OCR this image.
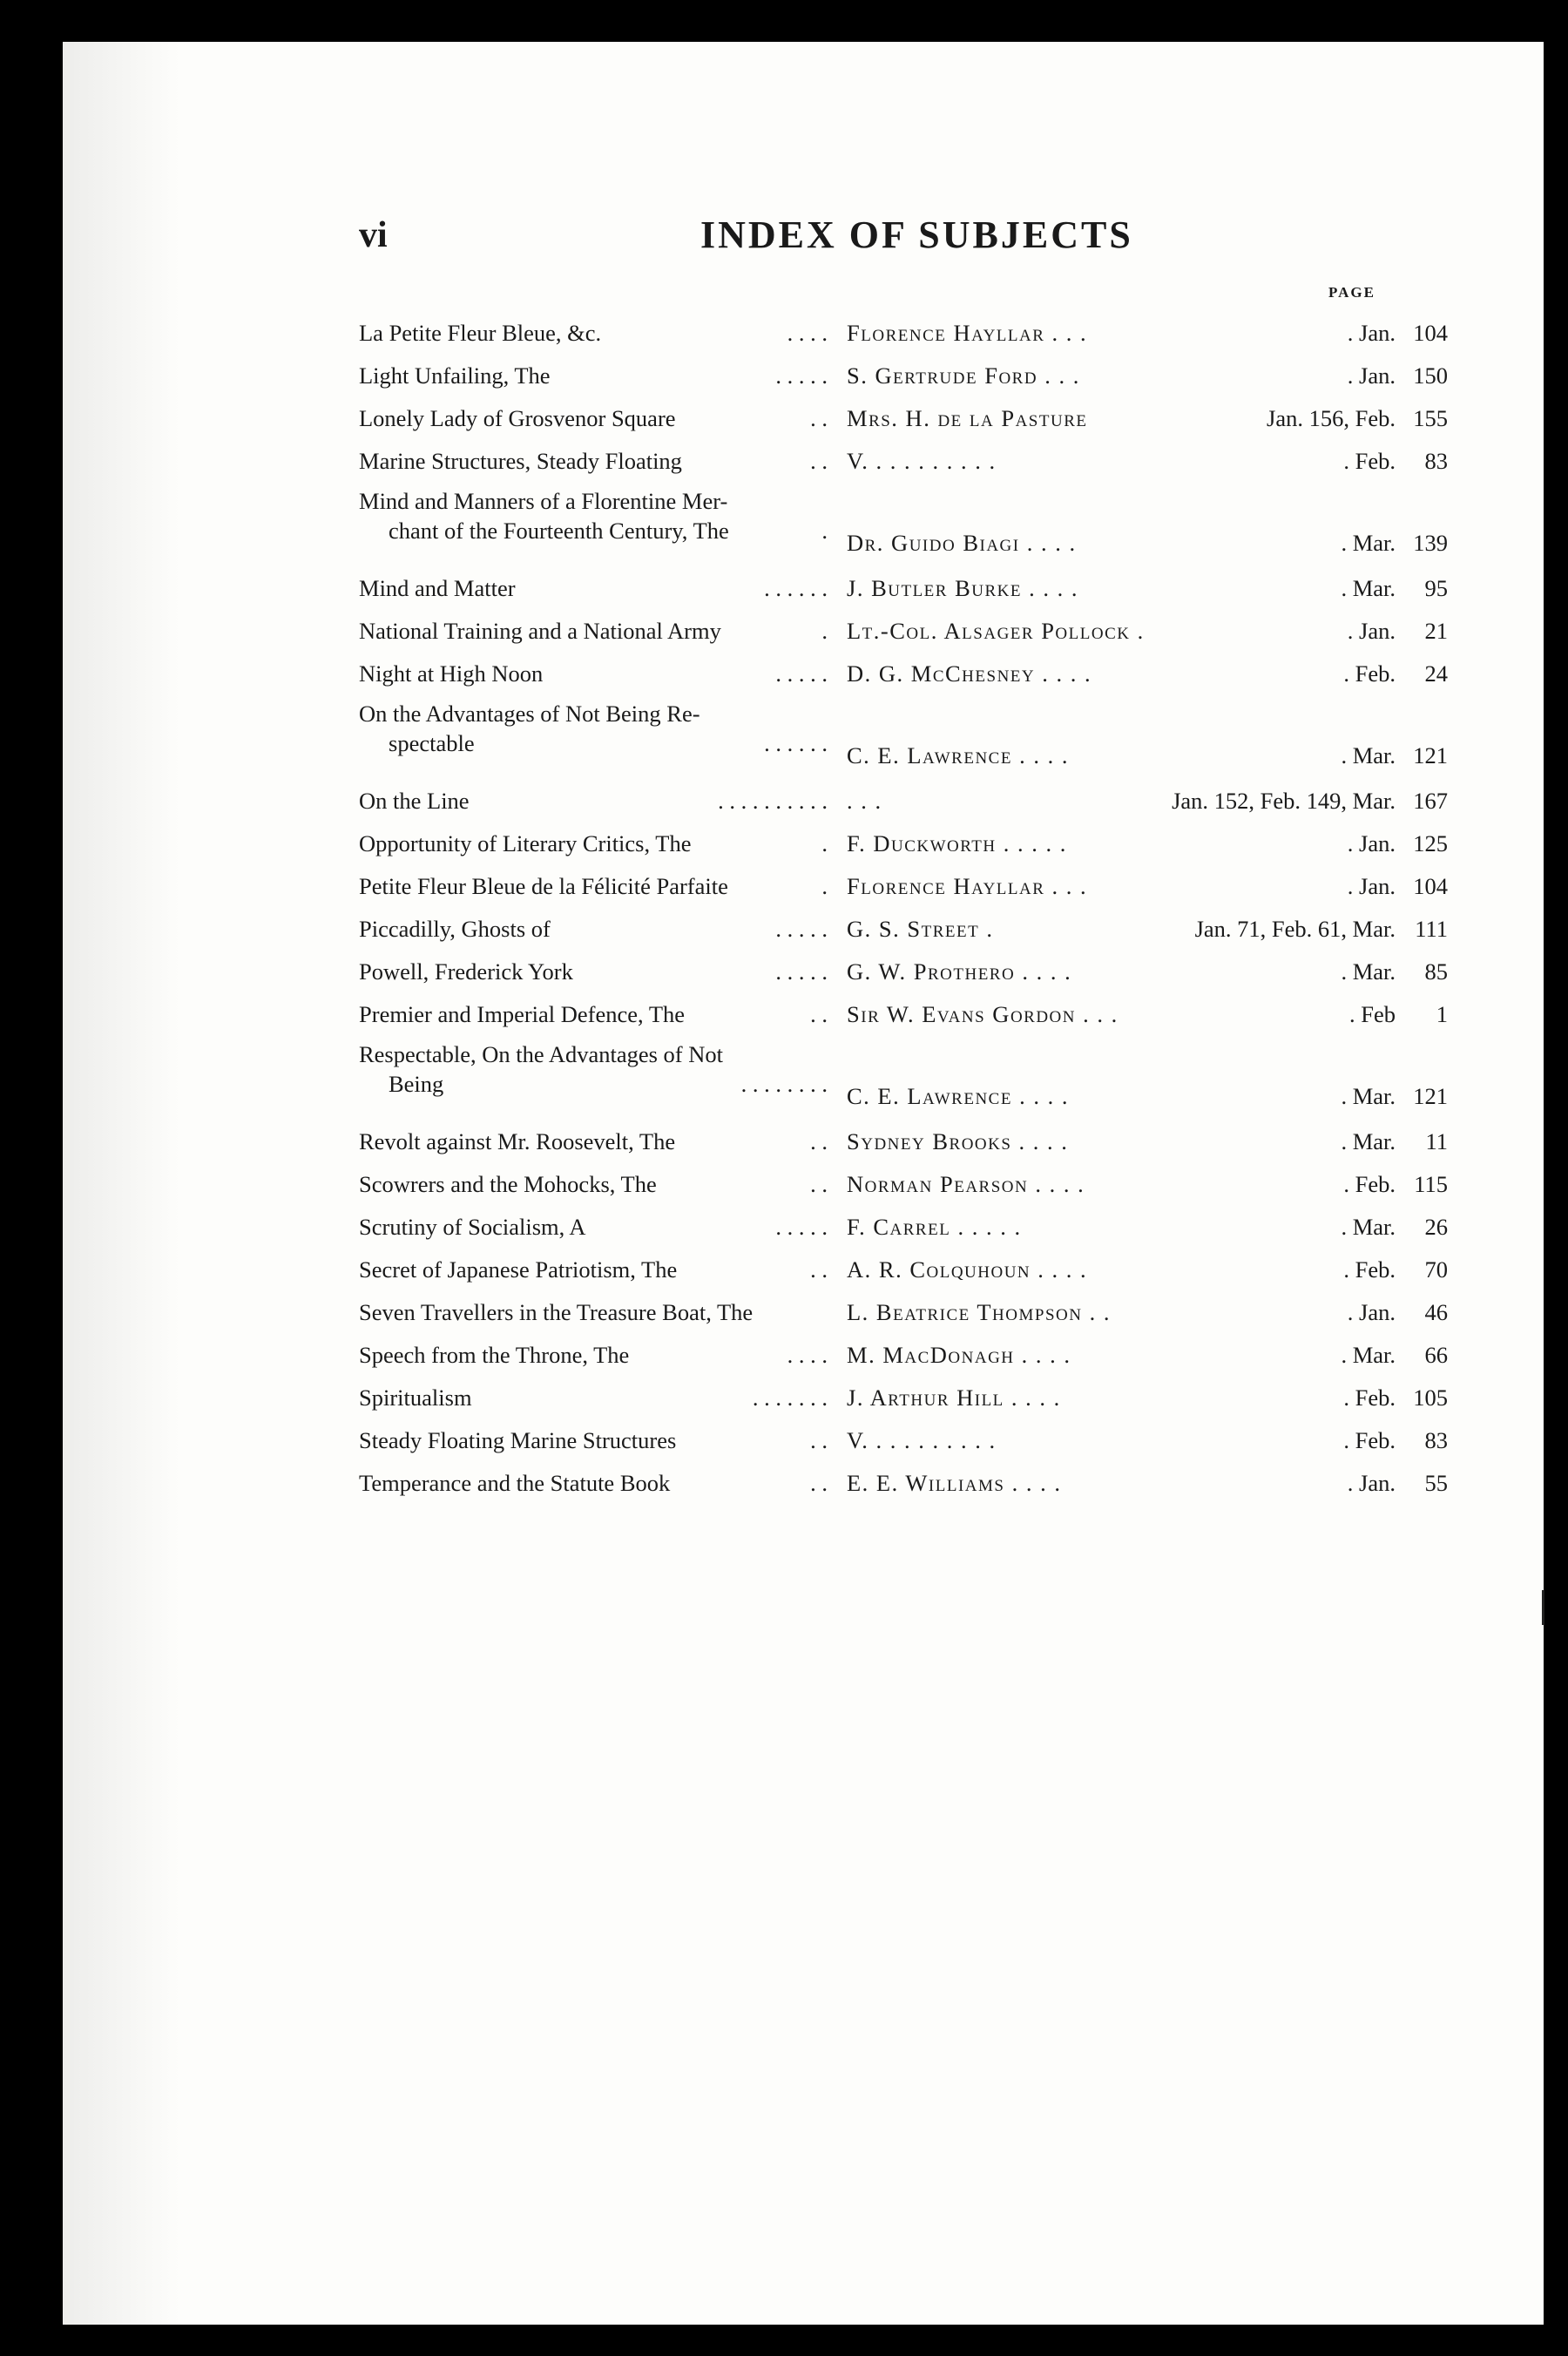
vi	INDEX OF SUBJECTS
PAGE
La Petite Fleur Bleue, &c.	. . . . Florence Hayllar . . .	. Jan. 104
Light Unfailing, The	. . . . . S. Gertrude Ford . . .	. Jan. 150
Lonely Lady of Grosvenor Square	. . Mrs. H. de la Pasture	Jan. 156, Feb. 155
Marine Structures, Steady Floating	. . V. . . . . . . . . .	. Feb.	83
Mind and Manners of a Florentine Mer-
chant of the Fourteenth Century, The	. Dr. Guido Biagi . . . .	. Mar. 139
Mind and Matter	. . . . . . J. Butler Burke . . . .	. Mar.	95
National Training and a National Army	. Lt.-Col. Alsager Pollock .	. Jan.	21
Night at High Noon	. . . . . D. G. McChesney . . . .	. Feb.	24
On the Advantages of Not Being Re-
spectable	. . . . . . C. E. Lawrence . . . .	. Mar. 121
On the Line	. . . . . . . . . . . . .	Jan. 152, Feb. 149, Mar. 167
Opportunity of Literary Critics, The	. F. Duckworth . . . . .	. Jan. 125
Petite Fleur Bleue de la Félicité Parfaite	. Florence Hayllar . . .	. Jan. 104
Piccadilly, Ghosts of	. . . . . G. S. Street .	Jan. 71, Feb. 61, Mar. 111
Powell, Frederick York	. . . . . G. W. Prothero . . . .	. Mar.	85
Premier and Imperial Defence, The	. . Sir W. Evans Gordon . . .	. Feb	1
Respectable, On the Advantages of Not
Being	. . . . . . . . C. E. Lawrence . . . .	. Mar. 121
Revolt against Mr. Roosevelt, The	. . Sydney Brooks . . . .	. Mar.	11
Scowrers and the Mohocks, The	. . Norman Pearson . . . .	. Feb. 115
Scrutiny of Socialism, A	. . . . . F. Carrel . . . . .	. Mar.	26
Secret of Japanese Patriotism, The	. . A. R. Colquhoun . . . .	. Feb.	70
Seven Travellers in the Treasure Boat, The	L. Beatrice Thompson . .	. Jan.	46
Speech from the Throne, The	. . . . M. MacDonagh . . . .	. Mar.	66
Spiritualism	. . . . . . . J. Arthur Hill . . . .	. Feb. 105
Steady Floating Marine Structures	. . V. . . . . . . . . .	. Feb.	83
Temperance and the Statute Book	. . E. E. Williams . . . .	. Jan.	55
